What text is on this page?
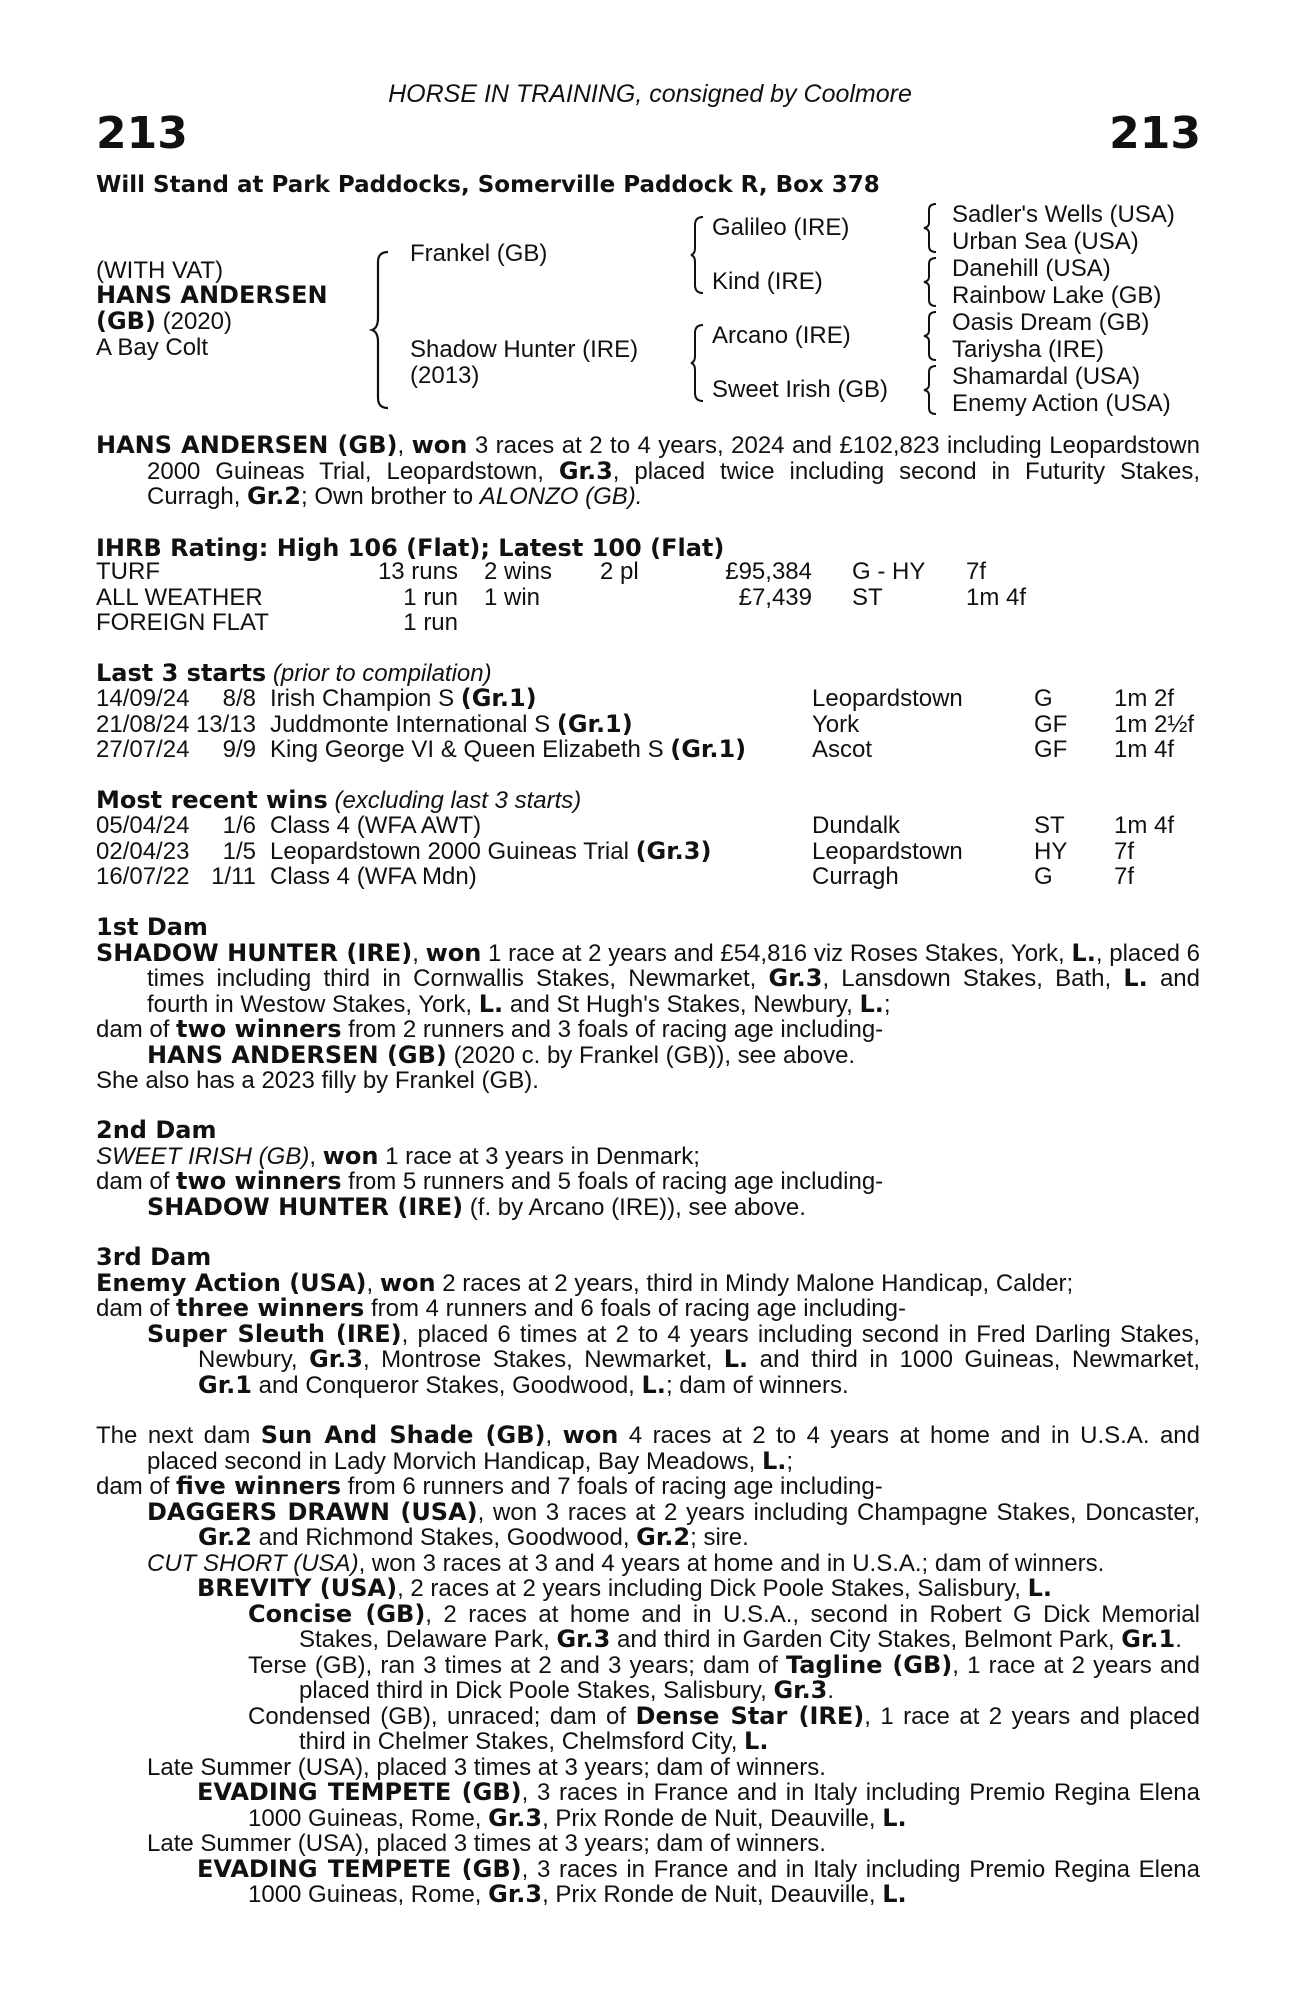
HORSE IN TRAINING, consigned by Coolmore
213	213
Will Stand at Park Paddocks, Somerville Paddock R, Box 378
(WITH VAT)
HANS ANDERSEN
(GB) (2020)
A Bay Colt
Frankel (GB)
Shadow Hunter (IRE)
(2013)
Galileo (IRE)
Kind (IRE)
Arcano (IRE)
Sweet Irish (GB)
Sadler's Wells (USA)
Urban Sea (USA)
Danehill (USA)
Rainbow Lake (GB)
Oasis Dream (GB)
Tariysha (IRE)
Shamardal (USA)
Enemy Action (USA)

HANS ANDERSEN (GB), won 3 races at 2 to 4 years, 2024 and £102,823 including Leopardstown 2000 Guineas Trial, Leopardstown, Gr.3, placed twice including second in Futurity Stakes, Curragh, Gr.2; Own brother to ALONZO (GB).

IHRB Rating: High 106 (Flat); Latest 100 (Flat)
TURF	13 runs		2 wins	2 pl	£95,384		G - HY	7f
ALL WEATHER	1 run		1 win		£7,439		ST	1m 4f
FOREIGN FLAT	1 run							
Last 3 starts (prior to compilation)
14/09/24	8/8		Irish Champion S (Gr.1)	Leopardstown	G	1m 2f
21/08/24	13/13		Juddmonte International S (Gr.1)	York	GF	1m 2½f
27/07/24	9/9		King George VI & Queen Elizabeth S (Gr.1)	Ascot	GF	1m 4f
Most recent wins (excluding last 3 starts)
05/04/24	1/6		Class 4 (WFA AWT)	Dundalk	ST	1m 4f
02/04/23	1/5		Leopardstown 2000 Guineas Trial (Gr.3)	Leopardstown	HY	7f
16/07/22	1/11		Class 4 (WFA Mdn)	Curragh	G	7f

1st Dam

SHADOW HUNTER (IRE), won 1 race at 2 years and £54,816 viz Roses Stakes, York, L., placed 6 times including third in Cornwallis Stakes, Newmarket, Gr.3, Lansdown Stakes, Bath, L. and fourth in Westow Stakes, York, L. and St Hugh's Stakes, Newbury, L.;

dam of two winners from 2 runners and 3 foals of racing age including-

HANS ANDERSEN (GB) (2020 c. by Frankel (GB)), see above.

She also has a 2023 filly by Frankel (GB).

2nd Dam

SWEET IRISH (GB), won 1 race at 3 years in Denmark;

dam of two winners from 5 runners and 5 foals of racing age including-

SHADOW HUNTER (IRE) (f. by Arcano (IRE)), see above.

3rd Dam

Enemy Action (USA), won 2 races at 2 years, third in Mindy Malone Handicap, Calder;

dam of three winners from 4 runners and 6 foals of racing age including-

Super Sleuth (IRE), placed 6 times at 2 to 4 years including second in Fred Darling Stakes, Newbury, Gr.3, Montrose Stakes, Newmarket, L. and third in 1000 Guineas, Newmarket, Gr.1 and Conqueror Stakes, Goodwood, L.; dam of winners.

The next dam Sun And Shade (GB), won 4 races at 2 to 4 years at home and in U.S.A. and placed second in Lady Morvich Handicap, Bay Meadows, L.;

dam of five winners from 6 runners and 7 foals of racing age including-

DAGGERS DRAWN (USA), won 3 races at 2 years including Champagne Stakes, Doncaster, Gr.2 and Richmond Stakes, Goodwood, Gr.2; sire.

CUT SHORT (USA), won 3 races at 3 and 4 years at home and in U.S.A.; dam of winners.

BREVITY (USA), 2 races at 2 years including Dick Poole Stakes, Salisbury, L.

Concise (GB), 2 races at home and in U.S.A., second in Robert G Dick Memorial Stakes, Delaware Park, Gr.3 and third in Garden City Stakes, Belmont Park, Gr.1.

Terse (GB), ran 3 times at 2 and 3 years; dam of Tagline (GB), 1 race at 2 years and placed third in Dick Poole Stakes, Salisbury, Gr.3.

Condensed (GB), unraced; dam of Dense Star (IRE), 1 race at 2 years and placed third in Chelmer Stakes, Chelmsford City, L.

Late Summer (USA), placed 3 times at 3 years; dam of winners.

EVADING TEMPETE (GB), 3 races in France and in Italy including Premio Regina Elena 1000 Guineas, Rome, Gr.3, Prix Ronde de Nuit, Deauville, L.

Late Summer (USA), placed 3 times at 3 years; dam of winners.

EVADING TEMPETE (GB), 3 races in France and in Italy including Premio Regina Elena 1000 Guineas, Rome, Gr.3, Prix Ronde de Nuit, Deauville, L.
